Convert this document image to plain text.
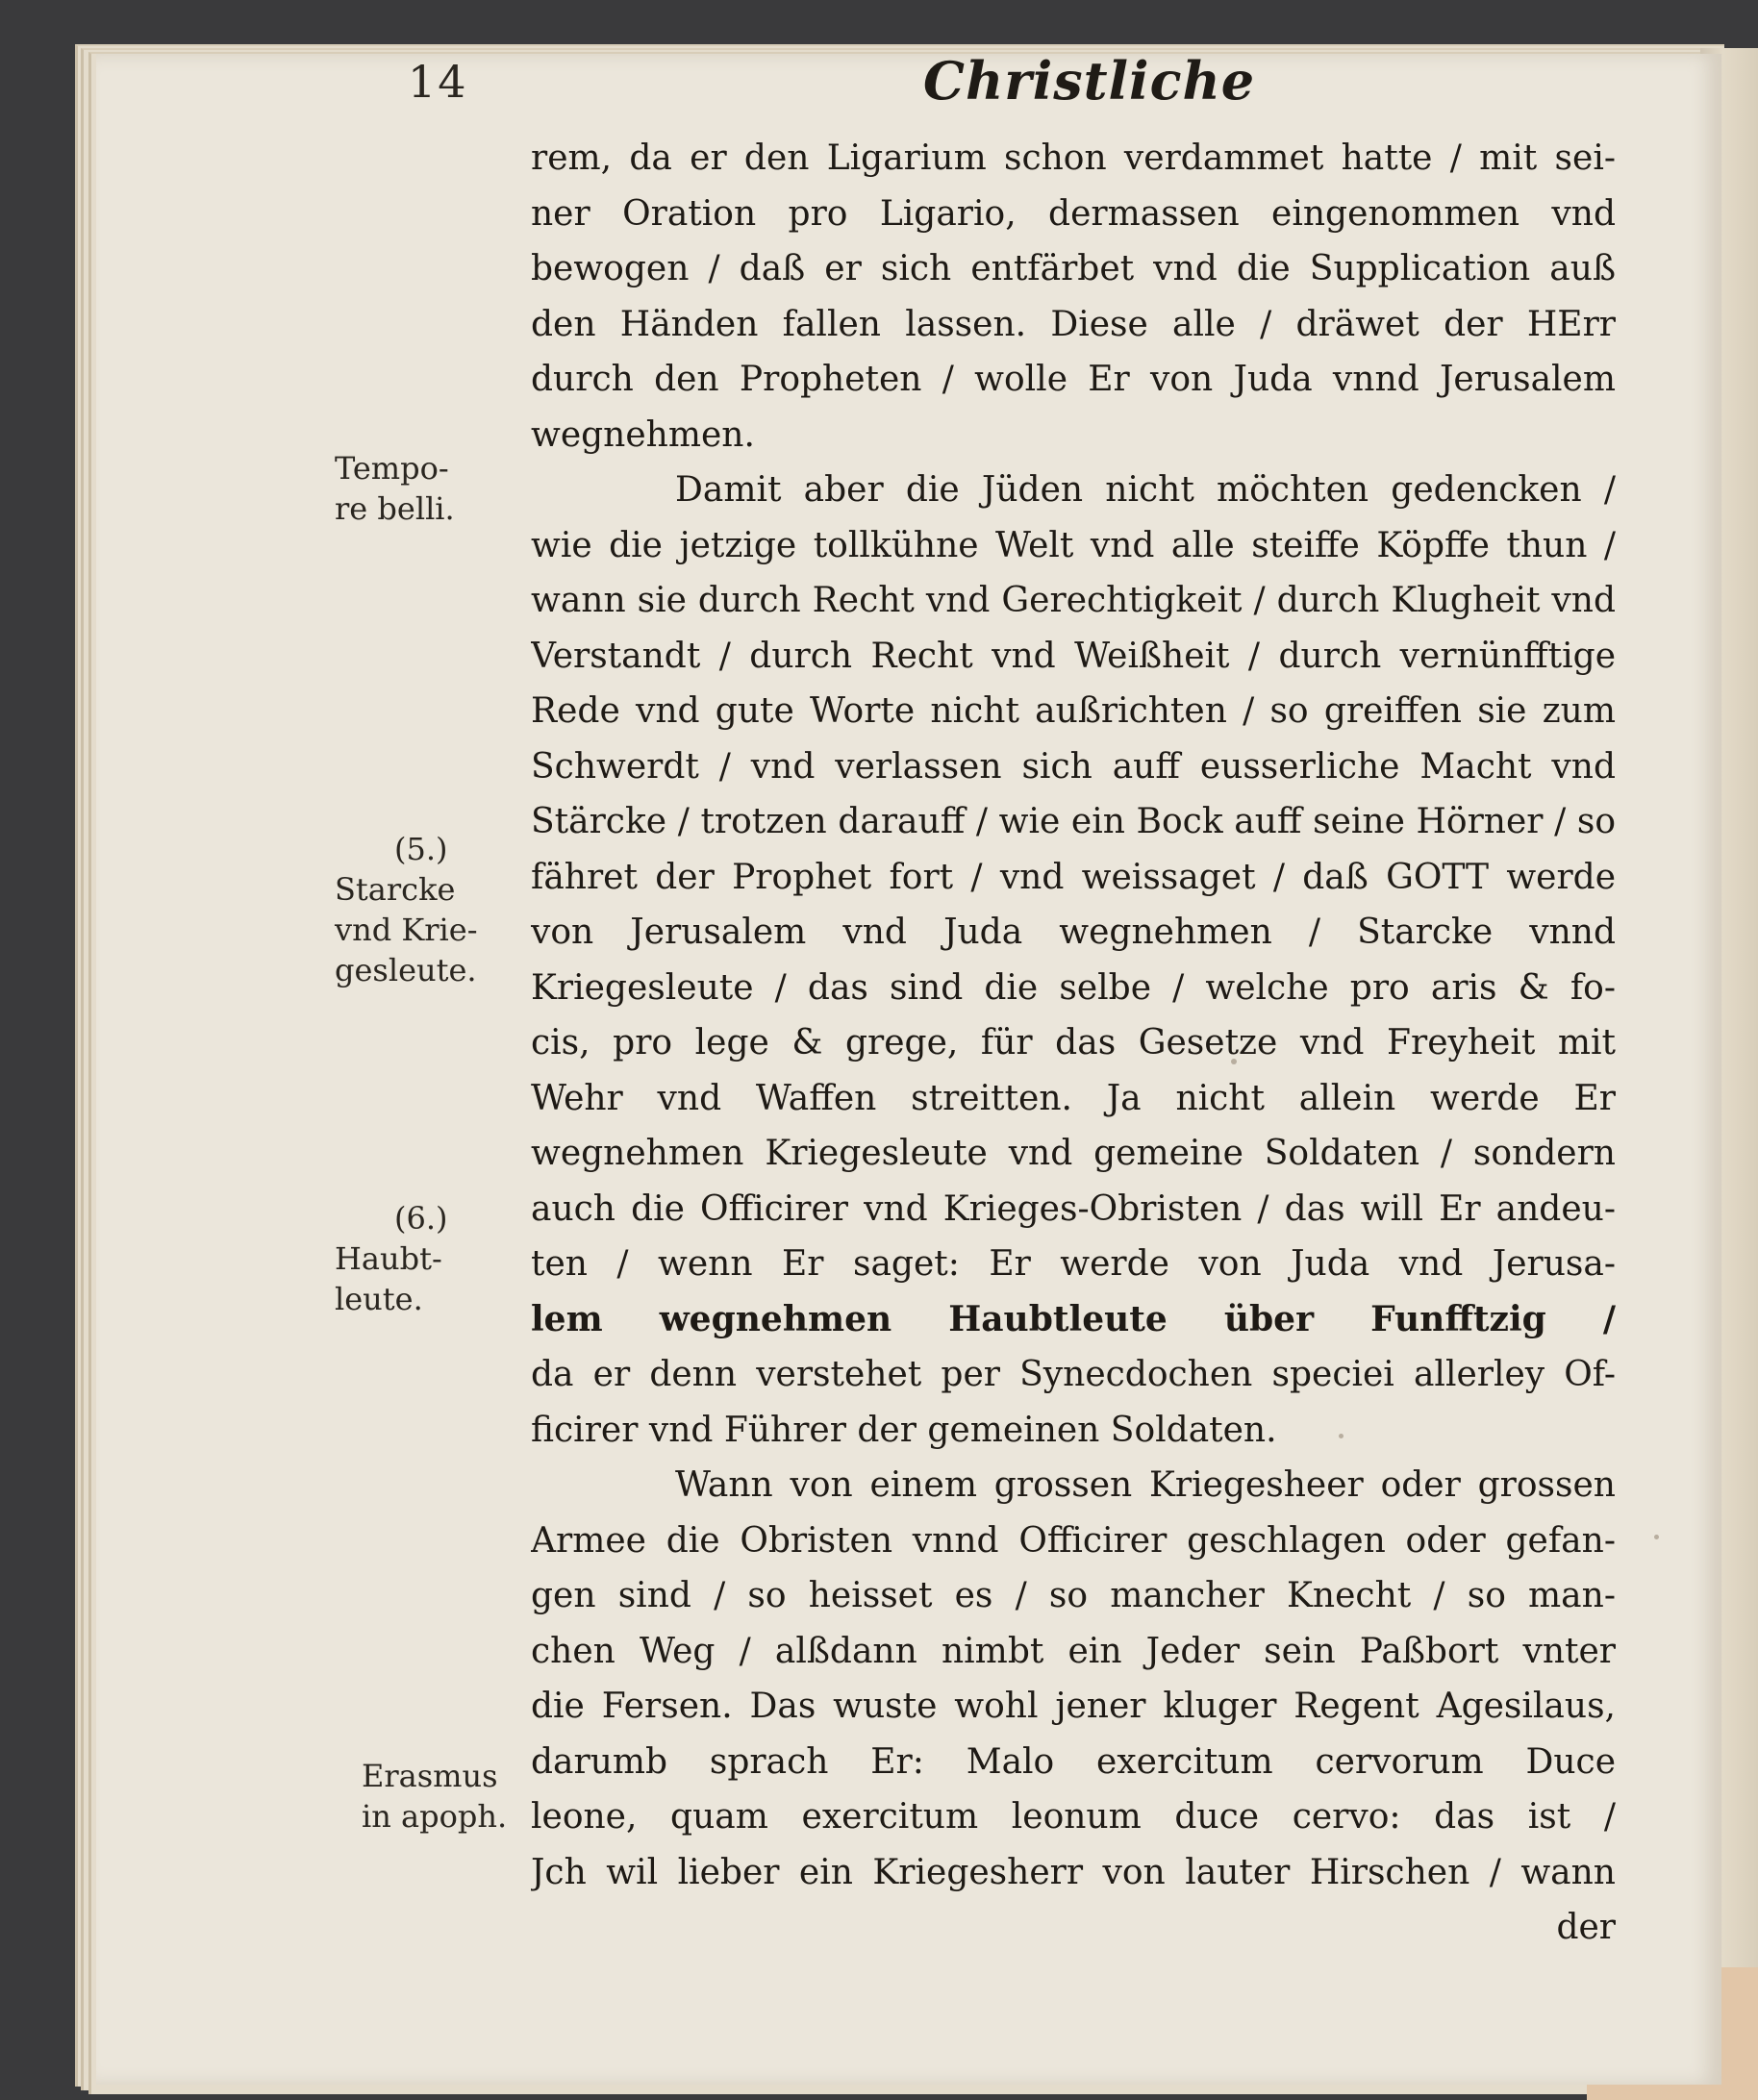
14	Christliche
rem, da er den Ligarium schon verdammet hatte / mit sei-
ner Oration pro Ligario, dermassen eingenommen vnd
bewogen / daß er sich entfärbet vnd die Supplication auß
den Händen fallen lassen. Diese alle / dräwet der HErr
durch den Propheten / wolle Er von Juda vnnd Jerusalem
wegnehmen.
Damit aber die Jüden nicht möchten gedencken /
wie die jetzige tollkühne Welt vnd alle steiffe Köpffe thun /
wann sie durch Recht vnd Gerechtigkeit / durch Klugheit vnd
Verstandt / durch Recht vnd Weißheit / durch vernünfftige
Rede vnd gute Worte nicht außrichten / so greiffen sie zum
Schwerdt / vnd verlassen sich auff eusserliche Macht vnd
Stärcke / trotzen darauff / wie ein Bock auff seine Hörner / so
fähret der Prophet fort / vnd weissaget / daß GOTT werde
von Jerusalem vnd Juda wegnehmen / Starcke vnnd
Kriegesleute / das sind die selbe / welche pro aris & fo-
cis, pro lege & grege, für das Gesetze vnd Freyheit mit
Wehr vnd Waffen streitten. Ja nicht allein werde Er
wegnehmen Kriegesleute vnd gemeine Soldaten / sondern
auch die Officirer vnd Krieges-Obristen / das will Er andeu-
ten / wenn Er saget: Er werde von Juda vnd Jerusa-
lem wegnehmen Haubtleute über Funfftzig /
da er denn verstehet per Synecdochen speciei allerley Of-
ficirer vnd Führer der gemeinen Soldaten.
Wann von einem grossen Kriegesheer oder grossen
Armee die Obristen vnnd Officirer geschlagen oder gefan-
gen sind / so heisset es / so mancher Knecht / so man-
chen Weg / alßdann nimbt ein Jeder sein Paßbort vnter
die Fersen. Das wuste wohl jener kluger Regent Agesilaus,
darumb sprach Er: Malo exercitum cervorum Duce
leone, quam exercitum leonum duce cervo: das ist /
Jch wil lieber ein Kriegesherr von lauter Hirschen / wann
der
Tempo-
re belli.
(5.)
Starcke
vnd Krie-
gesleute.
(6.)
Haubt-
leute.
Erasmus
in apoph.
